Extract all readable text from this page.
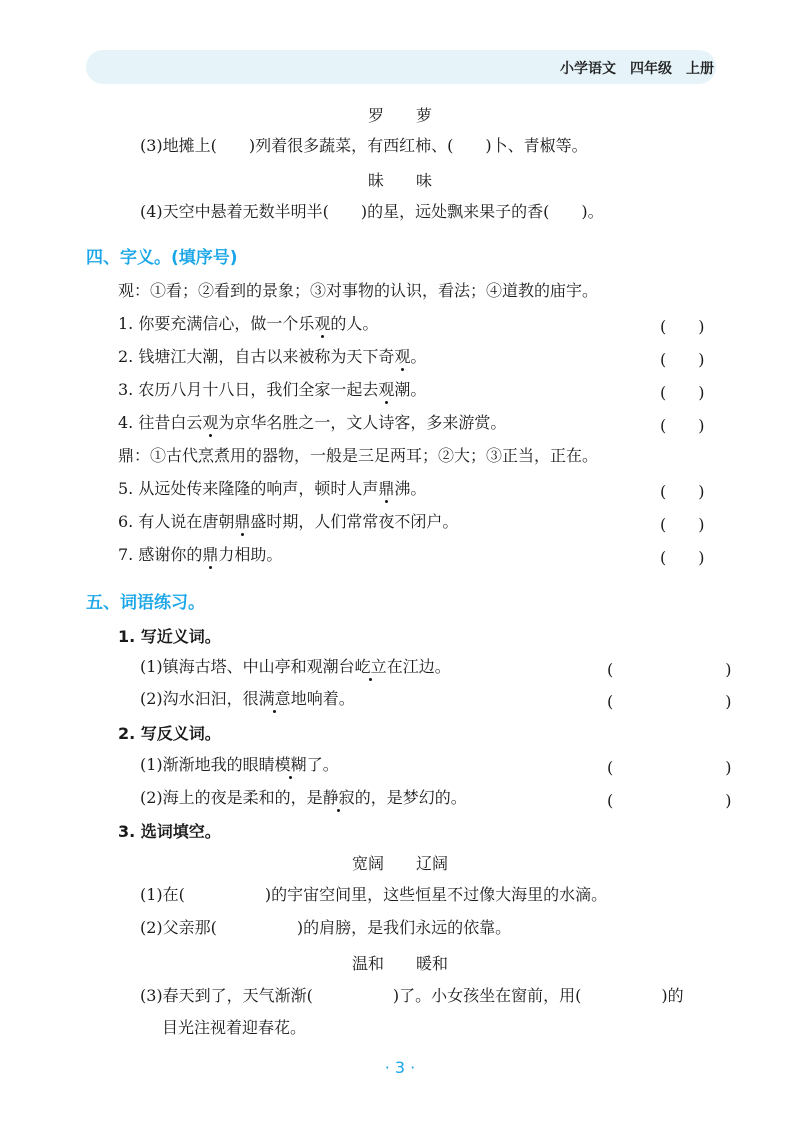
小学语文　四年级　上册
罗　　萝
(3)地摊上(　　)列着很多蔬菜，有西红柿、(　　)卜、青椒等。
昧　　味
(4)天空中悬着无数半明半(　　)的星，远处飘来果子的香(　　)。
四、字义。(填序号)
观：①看；②看到的景象；③对事物的认识，看法；④道教的庙宇。
1. 你要充满信心，做一个乐观的人。	(　　)
2. 钱塘江大潮，自古以来被称为天下奇观。	(　　)
3. 农历八月十八日，我们全家一起去观潮。	(　　)
4. 往昔白云观为京华名胜之一，文人诗客，多来游赏。	(　　)
鼎：①古代烹煮用的器物，一般是三足两耳；②大；③正当，正在。
5. 从远处传来隆隆的响声，顿时人声鼎沸。	(　　)
6. 有人说在唐朝鼎盛时期，人们常常夜不闭户。	(　　)
7. 感谢你的鼎力相助。	(　　)
五、词语练习。
1. 写近义词。
(1)镇海古塔、中山亭和观潮台屹立在江边。	(　　　　　　　)
(2)沟水汩汩，很满意地响着。	(　　　　　　　)
2. 写反义词。
(1)渐渐地我的眼睛模糊了。	(　　　　　　　)
(2)海上的夜是柔和的，是静寂的，是梦幻的。	(　　　　　　　)
3. 选词填空。
宽阔　　辽阔
(1)在(　　　　　)的宇宙空间里，这些恒星不过像大海里的水滴。
(2)父亲那(　　　　　)的肩膀，是我们永远的依靠。
温和　　暖和
(3)春天到了，天气渐渐(　　　　　)了。小女孩坐在窗前，用(　　　　　)的
目光注视着迎春花。
· 3 ·
